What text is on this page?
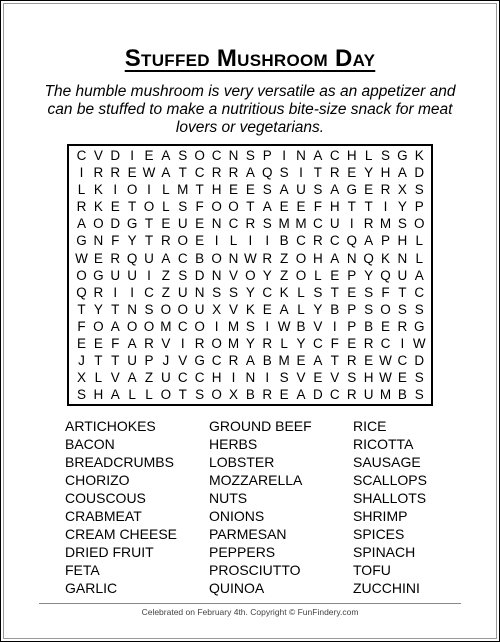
Stuffed Mushroom Day
The humble mushroom is very versatile as an appetizer and can be stuffed to make a nutritious bite-size snack for meat lovers or vegetarians.
C V D I E A S O C N S P I N A C H L S G K
I R R E W A T C R R A Q S I T R E Y H A D
L K I O I L M T H E E S A U S A G E R X S
R K E T O L S F O O T A E E F H T T I Y P
A O D G T E U E N C R S M M C U I R M S O
G N F Y T R O E I L I I B C R C Q A P H L
W E R Q U A C B O N W R Z O H A N Q K N L
O G U U I Z S D N V O Y Z O L E P Y Q U A
Q R I I C Z U N S S Y C K L S T E S F T C
T Y T N S O O U X V K E A L Y B P S O S S
F O A O O M C O I M S I W B V I P B E R G
E E F A R V I R O M Y R L Y C F E R C I W
J T T U P J V G C R A B M E A T R E W C D
X L V A Z U C C H I N I S V E V S H W E S
S H A L L O T S O X B R E A D C R U M B S
ARTICHOKES
BACON
BREADCRUMBS
CHORIZO
COUSCOUS
CRABMEAT
CREAM CHEESE
DRIED FRUIT
FETA
GARLIC
GROUND BEEF
HERBS
LOBSTER
MOZZARELLA
NUTS
ONIONS
PARMESAN
PEPPERS
PROSCIUTTO
QUINOA
RICE
RICOTTA
SAUSAGE
SCALLOPS
SHALLOTS
SHRIMP
SPICES
SPINACH
TOFU
ZUCCHINI
Celebrated on February 4th. Copyright © FunFindery.com
